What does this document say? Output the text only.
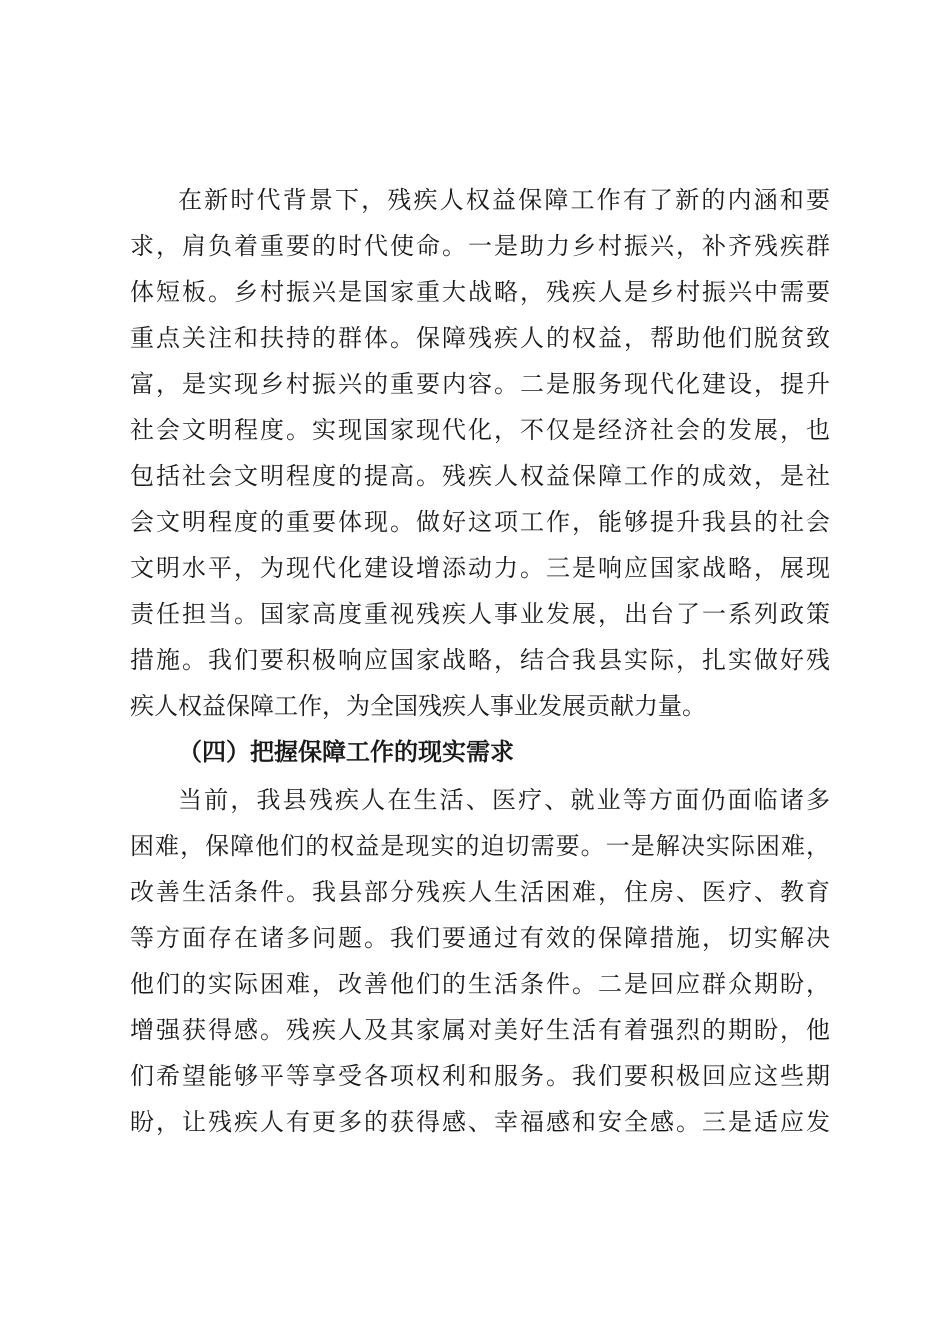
在新时代背景下，残疾人权益保障工作有了新的内涵和要
求，肩负着重要的时代使命。一是助力乡村振兴，补齐残疾群
体短板。乡村振兴是国家重大战略，残疾人是乡村振兴中需要
重点关注和扶持的群体。保障残疾人的权益，帮助他们脱贫致
富，是实现乡村振兴的重要内容。二是服务现代化建设，提升
社会文明程度。实现国家现代化，不仅是经济社会的发展，也
包括社会文明程度的提高。残疾人权益保障工作的成效，是社
会文明程度的重要体现。做好这项工作，能够提升我县的社会
文明水平，为现代化建设增添动力。三是响应国家战略，展现
责任担当。国家高度重视残疾人事业发展，出台了一系列政策
措施。我们要积极响应国家战略，结合我县实际，扎实做好残
疾人权益保障工作，为全国残疾人事业发展贡献力量。
（四）把握保障工作的现实需求
当前，我县残疾人在生活、医疗、就业等方面仍面临诸多
困难，保障他们的权益是现实的迫切需要。一是解决实际困难，
改善生活条件。我县部分残疾人生活困难，住房、医疗、教育
等方面存在诸多问题。我们要通过有效的保障措施，切实解决
他们的实际困难，改善他们的生活条件。二是回应群众期盼，
增强获得感。残疾人及其家属对美好生活有着强烈的期盼，他
们希望能够平等享受各项权利和服务。我们要积极回应这些期
盼，让残疾人有更多的获得感、幸福感和安全感。三是适应发
